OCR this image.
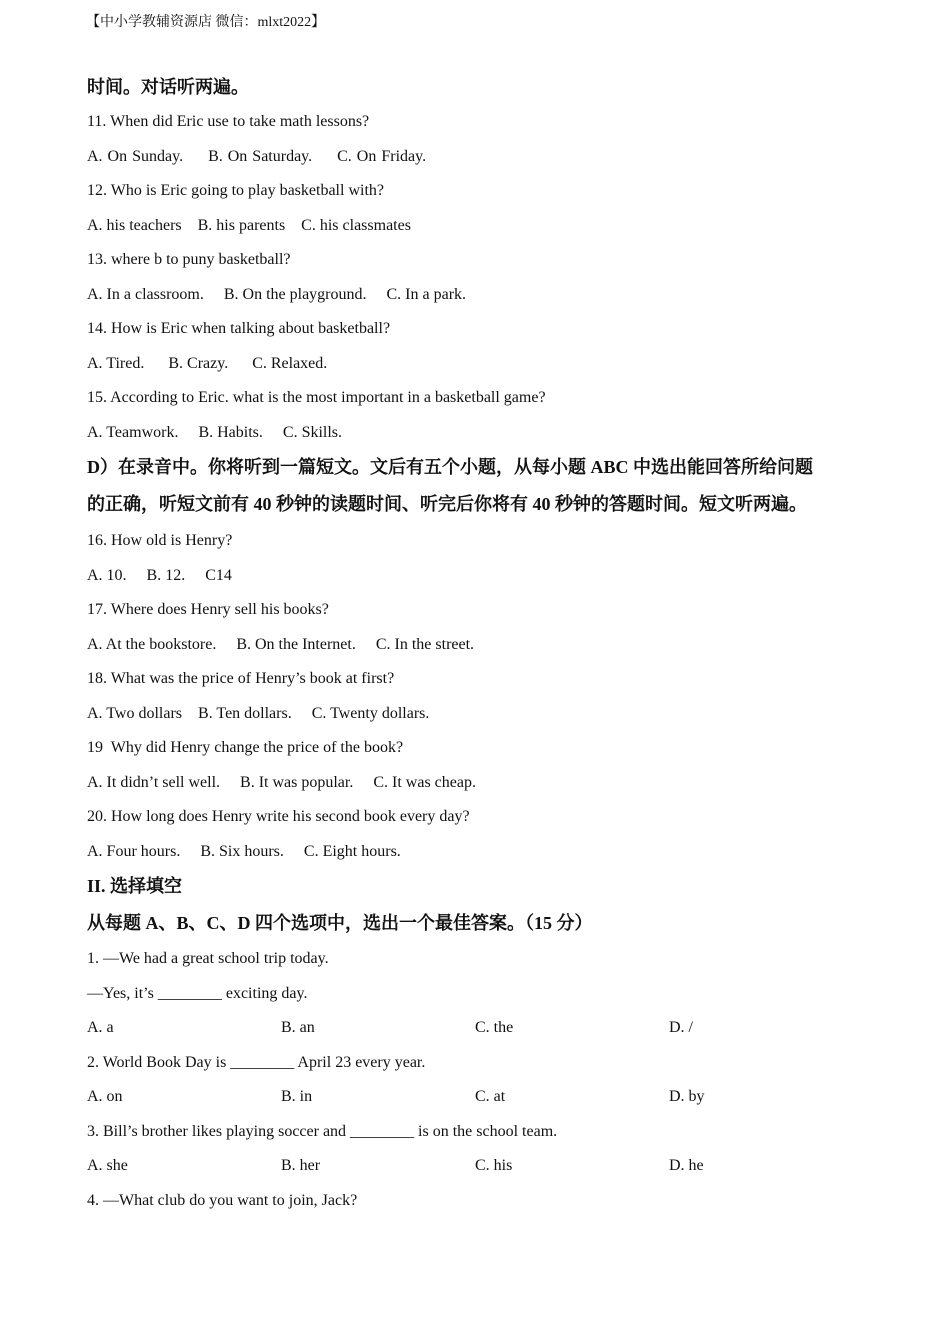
【中小学教辅资源店 微信：mlxt2022】
时间。对话听两遍。
11. When did Eric use to take math lessons?
A. On Sunday.     B. On Saturday.     C. On Friday.
12. Who is Eric going to play basketball with?
A. his teachers    B. his parents    C. his classmates
13. where b to puny basketball?
A. In a classroom.     B. On the playground.     C. In a park.
14. How is Eric when talking about basketball?
A. Tired.      B. Crazy.      C. Relaxed.
15. According to Eric. what is the most important in a basketball game?
A. Teamwork.     B. Habits.     C. Skills.
D）在录音中。你将听到一篇短文。文后有五个小题，从每小题 ABC 中选出能回答所给问题
的正确，听短文前有 40 秒钟的读题时间、听完后你将有 40 秒钟的答题时间。短文听两遍。
16. How old is Henry?
A. 10.     B. 12.     C14
17. Where does Henry sell his books?
A. At the bookstore.     B. On the Internet.     C. In the street.
18. What was the price of Henry’s book at first?
A. Two dollars    B. Ten dollars.     C. Twenty dollars.
19  Why did Henry change the price of the book?
A. It didn’t sell well.     B. It was popular.     C. It was cheap.
20. How long does Henry write his second book every day?
A. Four hours.     B. Six hours.     C. Eight hours.
II. 选择填空
从每题 A、B、C、D 四个选项中，选出一个最佳答案。（15 分）
1. —We had a great school trip today.
—Yes, it’s ________ exciting day.
A. a	B. an	C. the	D. /
2. World Book Day is ________ April 23 every year.
A. on	B. in	C. at	D. by
3. Bill’s brother likes playing soccer and ________ is on the school team.
A. she	B. her	C. his	D. he
4. —What club do you want to join, Jack?
